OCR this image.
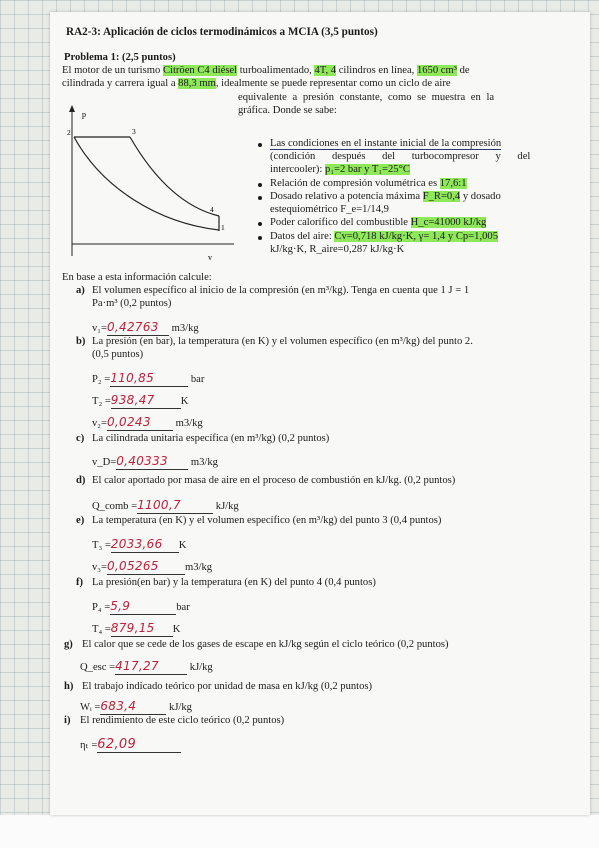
RA2-3: Aplicación de ciclos termodinámicos a MCIA (3,5 puntos)
Problema 1: (2,5 puntos)
El motor de un turismo Citröen C4 diésel turboalimentado, 4T, 4 cilindros en línea, 1650 cm³ de
cilindrada y carrera igual a 88,3 mm, idealmente se puede representar como un ciclo de aire
equivalente a presión constante, como se muestra en la
gráfica. Donde se sabe:
p
v
2	3
4
1
Las condiciones en el instante inicial de la compresión
(condición después del turbocompresor y del
intercooler): p₁=2 bar y T₁=25°C
Relación de compresión volumétrica es 17,6:1
Dosado relativo a potencia máxima F_R=0,4 y dosado
estequiométrico F_e=1/14,9
Poder calorífico del combustible H_c=41000 kJ/kg
Datos del aire: Cv=0,718 kJ/kg·K, γ= 1,4 y Cp=1,005
kJ/kg·K, R_aire=0,287 kJ/kg·K
En base a esta información calcule:
a) El volumen específico al inicio de la compresión (en m³/kg). Tenga en cuenta que 1 J = 1
Pa·m³ (0,2 puntos)
v₁=0,42763 m3/kg
b) La presión (en bar), la temperatura (en K) y el volumen específico (en m³/kg) del punto 2.
(0,5 puntos)
P₂ =110,85	bar
T₂ =938,47 K
v₂=0,0243 m3/kg
c) La cilindrada unitaria específica (en m³/kg) (0,2 puntos)
v_D=0,40333 m3/kg
d) El calor aportado por masa de aire en el proceso de combustión en kJ/kg. (0,2 puntos)
Q_comb =1100,7	kJ/kg
e) La temperatura (en K) y el volumen específico (en m³/kg) del punto 3 (0,4 puntos)
T₃ =2033,66 K
v₃=0,05265 m3/kg
f) La presión(en bar) y la temperatura (en K) del punto 4 (0,4 puntos)
P₄ =5,9	bar
T₄ =879,15 K
g) El calor que se cede de los gases de escape en kJ/kg según el ciclo teórico (0,2 puntos)
Q_esc =417,27	kJ/kg
h) El trabajo indicado teórico por unidad de masa en kJ/kg (0,2 puntos)
Wᵢ =683,4	kJ/kg
i) El rendimiento de este ciclo teórico (0,2 puntos)
ηₜ =62,09
